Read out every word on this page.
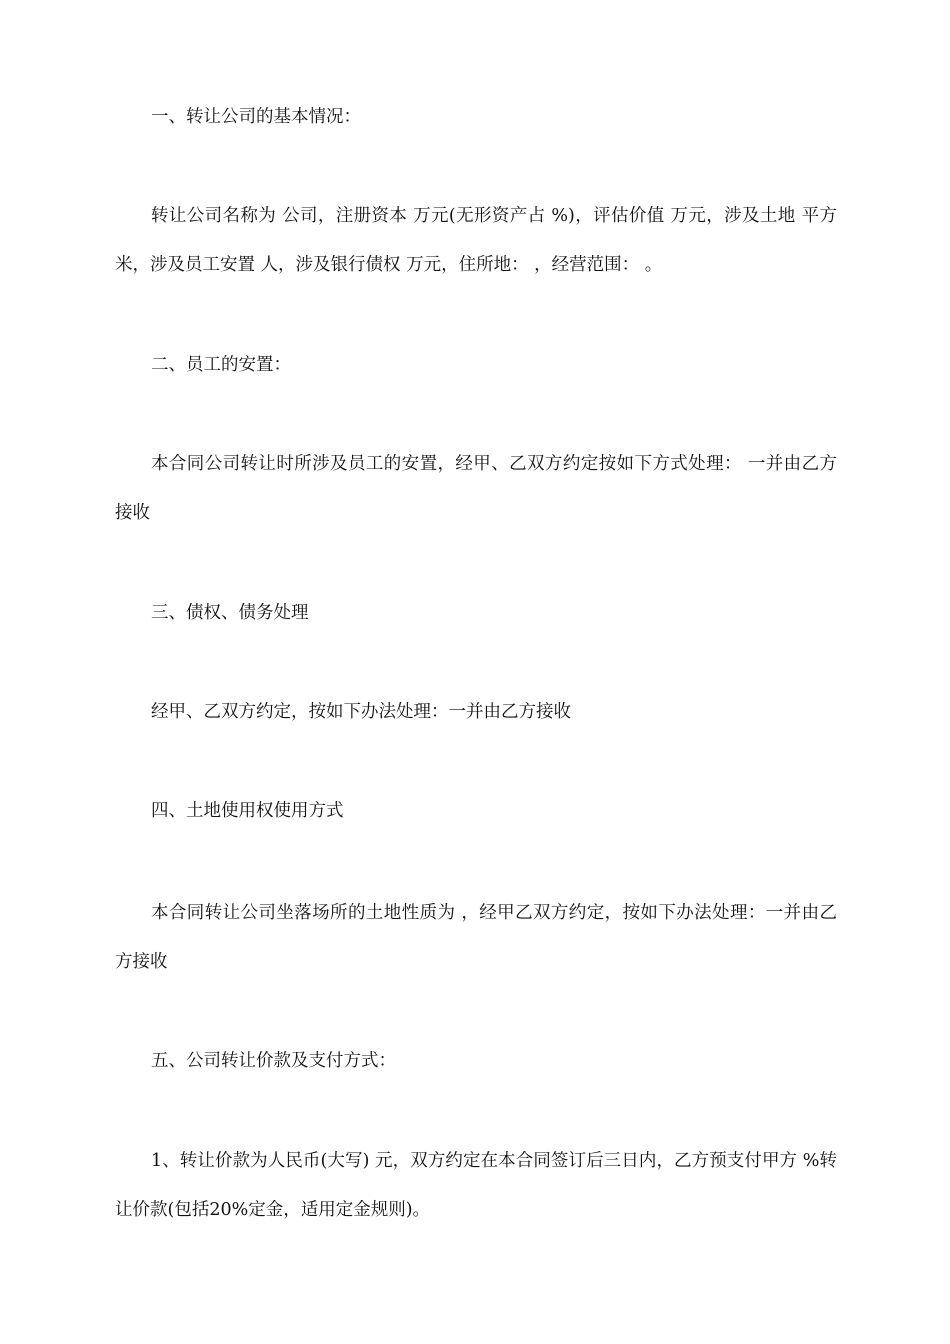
一、转让公司的基本情况：

转让公司名称为 公司，注册资本 万元(无形资产占 %)，评估价值 万元，涉及土地 平方米，涉及员工安置 人，涉及银行债权 万元，住所地： ，经营范围： 。

二、员工的安置：

本合同公司转让时所涉及员工的安置，经甲、乙双方约定按如下方式处理： 一并由乙方接收

三、债权、债务处理

经甲、乙双方约定，按如下办法处理：一并由乙方接收

四、土地使用权使用方式

本合同转让公司坐落场所的土地性质为 ，经甲乙双方约定，按如下办法处理：一并由乙方接收

五、公司转让价款及支付方式：

1、转让价款为人民币(大写) 元，双方约定在本合同签订后三日内，乙方预支付甲方 %转让价款(包括20%定金，适用定金规则)。
